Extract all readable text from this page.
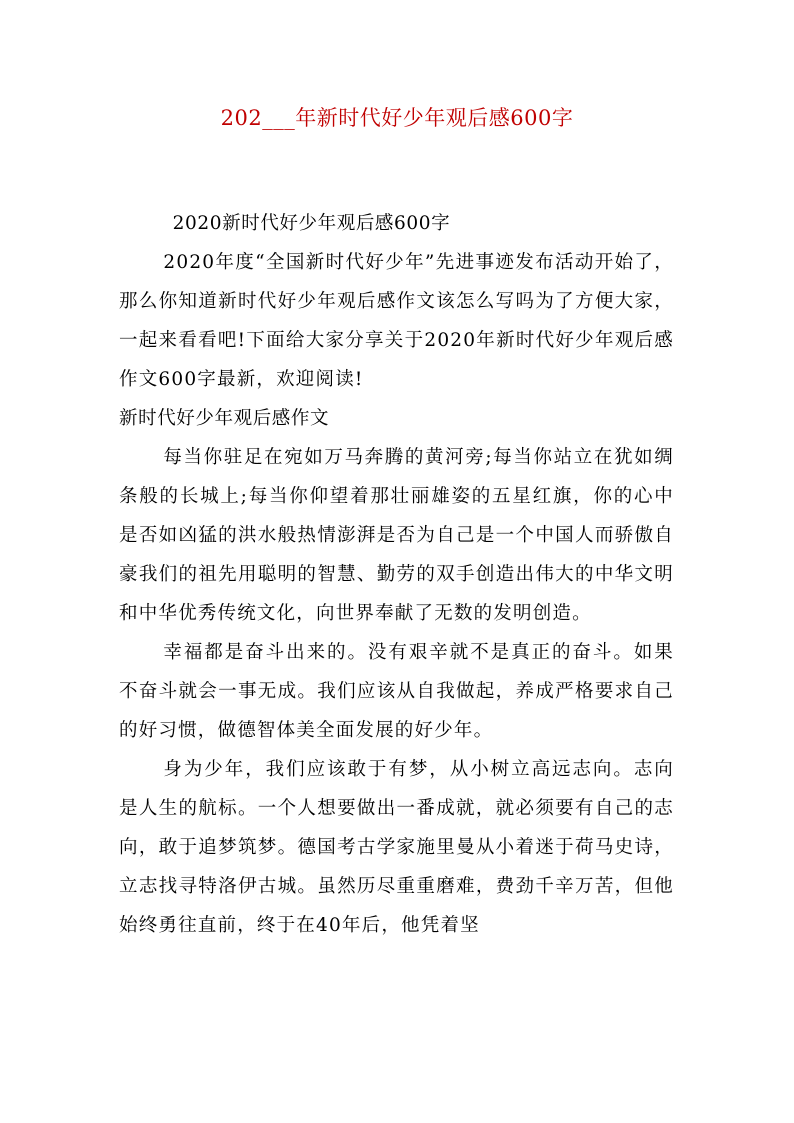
202___年新时代好少年观后感600字

2020新时代好少年观后感600字

2020年度“全国新时代好少年”先进事迹发布活动开始了，那么你知道新时代好少年观后感作文该怎么写吗为了方便大家，一起来看看吧!下面给大家分享关于2020年新时代好少年观后感作文600字最新，欢迎阅读!

新时代好少年观后感作文

每当你驻足在宛如万马奔腾的黄河旁;每当你站立在犹如绸条般的长城上;每当你仰望着那壮丽雄姿的五星红旗，你的心中是否如凶猛的洪水般热情澎湃是否为自己是一个中国人而骄傲自豪我们的祖先用聪明的智慧、勤劳的双手创造出伟大的中华文明和中华优秀传统文化，向世界奉献了无数的发明创造。

幸福都是奋斗出来的。没有艰辛就不是真正的奋斗。如果不奋斗就会一事无成。我们应该从自我做起，养成严格要求自己的好习惯，做德智体美全面发展的好少年。

身为少年，我们应该敢于有梦，从小树立高远志向。志向是人生的航标。一个人想要做出一番成就，就必须要有自己的志向，敢于追梦筑梦。德国考古学家施里曼从小着迷于荷马史诗，立志找寻特洛伊古城。虽然历尽重重磨难，费劲千辛万苦，但他始终勇往直前，终于在40年后，他凭着坚
